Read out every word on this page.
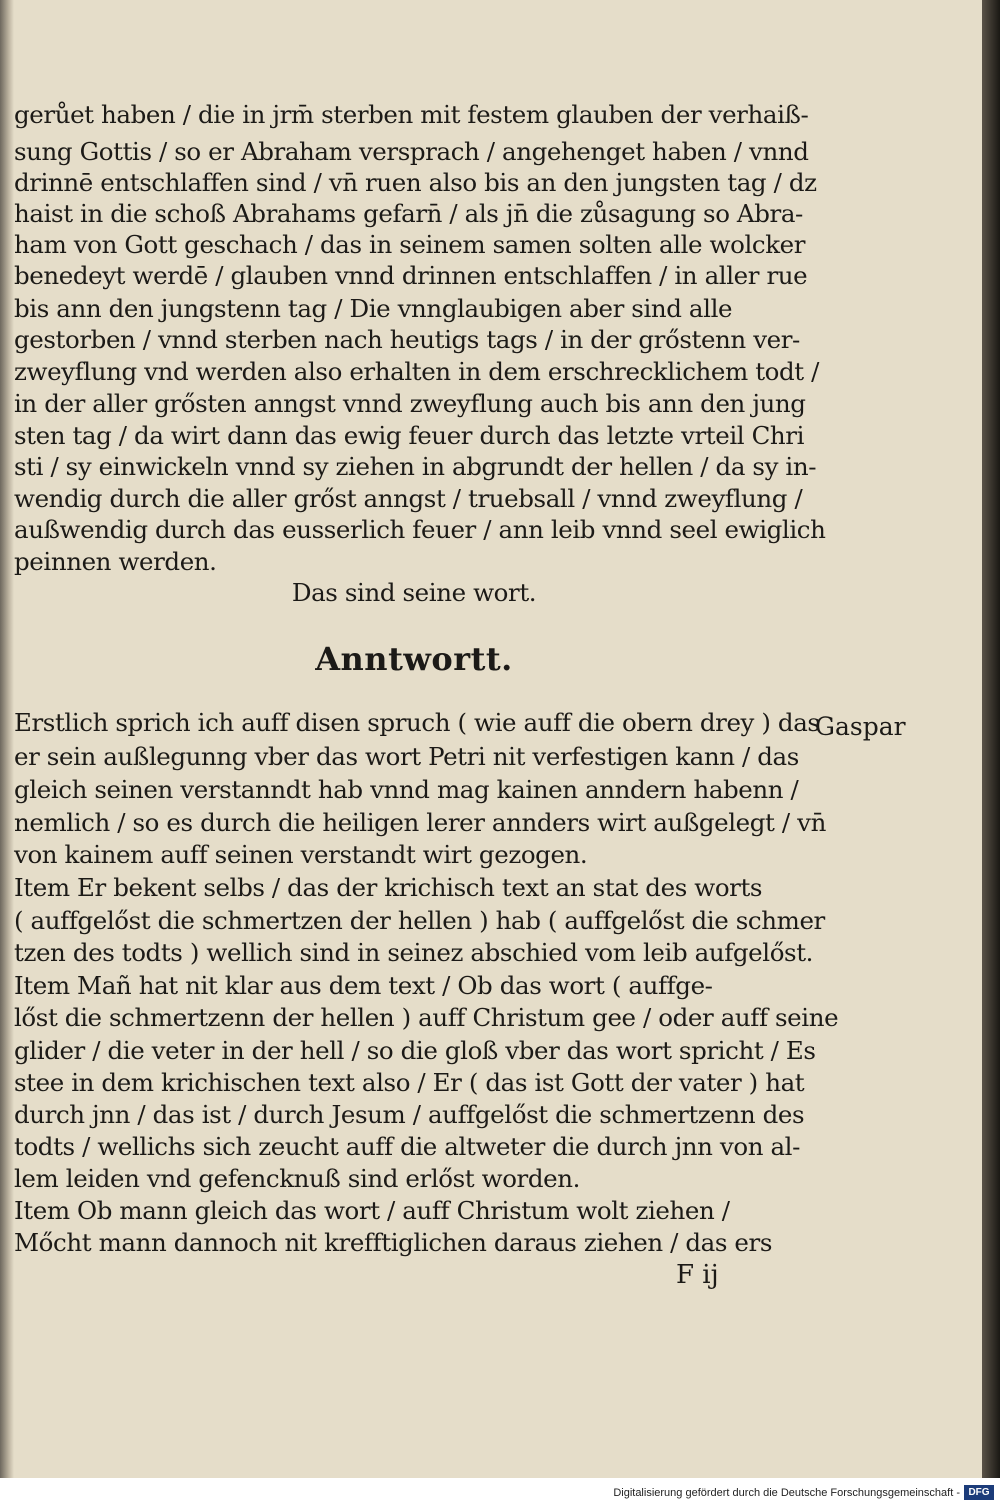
gerůet haben / die in jrm̄ sterben mit festem glauben der verhaiß-
sung Gottis / so er Abraham versprach / angehenget haben / vnnd
drinnē entschlaffen sind / vn̄ ruen also bis an den jungsten tag / dz
haist in die schoß Abrahams gefarn̄ / als jn̄ die zůsagung so Abra-
ham von Gott geschach / das in seinem samen solten alle wolcker
benedeyt werdē / glauben vnnd drinnen entschlaffen / in aller rue
bis ann den jungstenn tag / Die vnnglaubigen aber sind alle
gestorben / vnnd sterben nach heutigs tags / in der grőstenn ver-
zweyflung vnd werden also erhalten in dem erschrecklichem todt /
in der aller grősten anngst vnnd zweyflung auch bis ann den jung
sten tag / da wirt dann das ewig feuer durch das letzte vrteil Chri
sti / sy einwickeln vnnd sy ziehen in abgrundt der hellen / da sy in-
wendig durch die aller grőst anngst / truebsall / vnnd zweyflung /
außwendig durch das eusserlich feuer / ann leib vnnd seel ewiglich
peinnen werden.
Das sind seine wort.
Anntwortt.
Erstlich sprich ich auff disen spruch ( wie auff die obern drey ) das
er sein außlegunng vber das wort Petri nit verfestigen kann / das
gleich seinen verstanndt hab vnnd mag kainen anndern habenn /
nemlich / so es durch die heiligen lerer annders wirt außgelegt / vn̄
von kainem auff seinen verstandt wirt gezogen.
Item Er bekent selbs / das der krichisch text an stat des worts
( auffgelőst die schmertzen der hellen ) hab ( auffgelőst die schmer
tzen des todts ) wellich sind in seinez abschied vom leib aufgelőst.
Item Mañ hat nit klar aus dem text / Ob das wort ( auffge-
lőst die schmertzenn der hellen ) auff Christum gee / oder auff seine
glider / die veter in der hell / so die gloß vber das wort spricht / Es
stee in dem krichischen text also / Er ( das ist Gott der vater ) hat
durch jnn / das ist / durch Jesum / auffgelőst die schmertzenn des
todts / wellichs sich zeucht auff die altweter die durch jnn von al-
lem leiden vnd gefencknuß sind erlőst worden.
Item Ob mann gleich das wort / auff Christum wolt ziehen /
Mőcht mann dannoch nit krefftiglichen daraus ziehen / das ers
Gaspar
F ij
Digitalisierung gefördert durch die Deutsche Forschungsgemeinschaft - DFG
